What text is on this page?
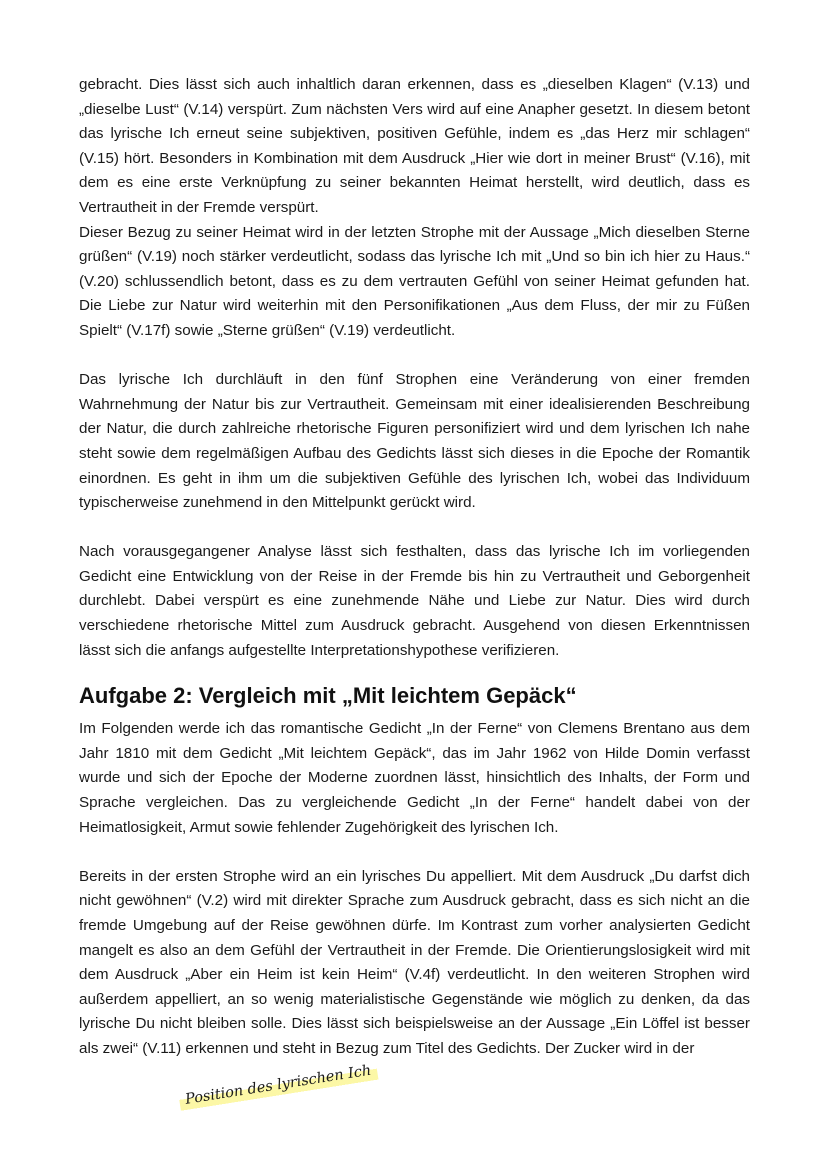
gebracht. Dies lässt sich auch inhaltlich daran erkennen, dass es „dieselben Klagen“ (V.13) und „dieselbe Lust“ (V.14) verspürt. Zum nächsten Vers wird auf eine Anapher gesetzt. In diesem betont das lyrische Ich erneut seine subjektiven, positiven Gefühle, indem es „das Herz mir schlagen“ (V.15) hört. Besonders in Kombination mit dem Ausdruck „Hier wie dort in meiner Brust“ (V.16), mit dem es eine erste Verknüpfung zu seiner bekannten Heimat herstellt, wird deutlich, dass es Vertrautheit in der Fremde verspürt.

Dieser Bezug zu seiner Heimat wird in der letzten Strophe mit der Aussage „Mich dieselben Sterne grüßen“ (V.19) noch stärker verdeutlicht, sodass das lyrische Ich mit „Und so bin ich hier zu Haus.“ (V.20) schlussendlich betont, dass es zu dem vertrauten Gefühl von seiner Heimat gefunden hat. Die Liebe zur Natur wird weiterhin mit den Personifikationen „Aus dem Fluss, der mir zu Füßen Spielt“ (V.17f) sowie „Sterne grüßen“ (V.19) verdeutlicht.

Das lyrische Ich durchläuft in den fünf Strophen eine Veränderung von einer fremden Wahrnehmung der Natur bis zur Vertrautheit. Gemeinsam mit einer idealisierenden Beschreibung der Natur, die durch zahlreiche rhetorische Figuren personifiziert wird und dem lyrischen Ich nahe steht sowie dem regelmäßigen Aufbau des Gedichts lässt sich dieses in die Epoche der Romantik einordnen. Es geht in ihm um die subjektiven Gefühle des lyrischen Ich, wobei das Individuum typischerweise zunehmend in den Mittelpunkt gerückt wird.

Nach vorausgegangener Analyse lässt sich festhalten, dass das lyrische Ich im vorliegenden Gedicht eine Entwicklung von der Reise in der Fremde bis hin zu Vertrautheit und Geborgenheit durchlebt. Dabei verspürt es eine zunehmende Nähe und Liebe zur Natur. Dies wird durch verschiedene rhetorische Mittel zum Ausdruck gebracht. Ausgehend von diesen Erkenntnissen lässt sich die anfangs aufgestellte Interpretationshypothese verifizieren.

Aufgabe 2: Vergleich mit „Mit leichtem Gepäck“

Im Folgenden werde ich das romantische Gedicht „In der Ferne“ von Clemens Brentano aus dem Jahr 1810 mit dem Gedicht „Mit leichtem Gepäck“, das im Jahr 1962 von Hilde Domin verfasst wurde und sich der Epoche der Moderne zuordnen lässt, hinsichtlich des Inhalts, der Form und Sprache vergleichen. Das zu vergleichende Gedicht „In der Ferne“ handelt dabei von der Heimatlosigkeit, Armut sowie fehlender Zugehörigkeit des lyrischen Ich.

Bereits in der ersten Strophe wird an ein lyrisches Du appelliert. Mit dem Ausdruck „Du darfst dich nicht gewöhnen“ (V.2) wird mit direkter Sprache zum Ausdruck gebracht, dass es sich nicht an die fremde Umgebung auf der Reise gewöhnen dürfe. Im Kontrast zum vorher analysierten Gedicht mangelt es also an dem Gefühl der Vertrautheit in der Fremde. Die Orientierungslosigkeit wird mit dem Ausdruck „Aber ein Heim ist kein Heim“ (V.4f) verdeutlicht. In den weiteren Strophen wird außerdem appelliert, an so wenig materialistische Gegenstände wie möglich zu denken, da das lyrische Du nicht bleiben solle. Dies lässt sich beispielsweise an der Aussage „Ein Löffel ist besser als zwei“ (V.11) erkennen und steht in Bezug zum Titel des Gedichts. Der Zucker wird in der

Position des lyrischen Ich
